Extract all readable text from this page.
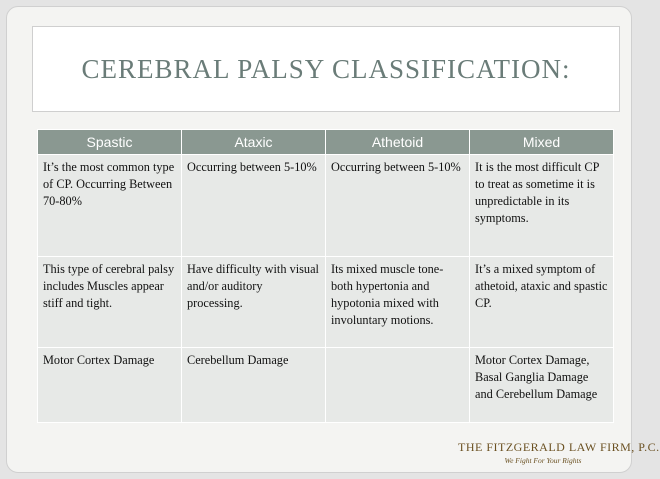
CEREBRAL PALSY CLASSIFICATION:
Spastic	Ataxic	Athetoid	Mixed
It’s the most common type of CP. Occurring Between 70-80%	Occurring between 5-10%	Occurring between 5-10%	It is the most difficult CP to treat as sometime it is unpredictable in its symptoms.
This type of cerebral palsy includes Muscles appear stiff and tight.	Have difficulty with visual and/or auditory processing.	Its mixed muscle tone-both hypertonia and hypotonia mixed with involuntary motions.	It’s a mixed symptom of athetoid, ataxic and spastic CP.
Motor Cortex Damage	Cerebellum Damage		Motor Cortex Damage, Basal Ganglia Damage and Cerebellum Damage
THE FITZGERALD LAW FIRM, P.C.
We Fight For Your Rights
